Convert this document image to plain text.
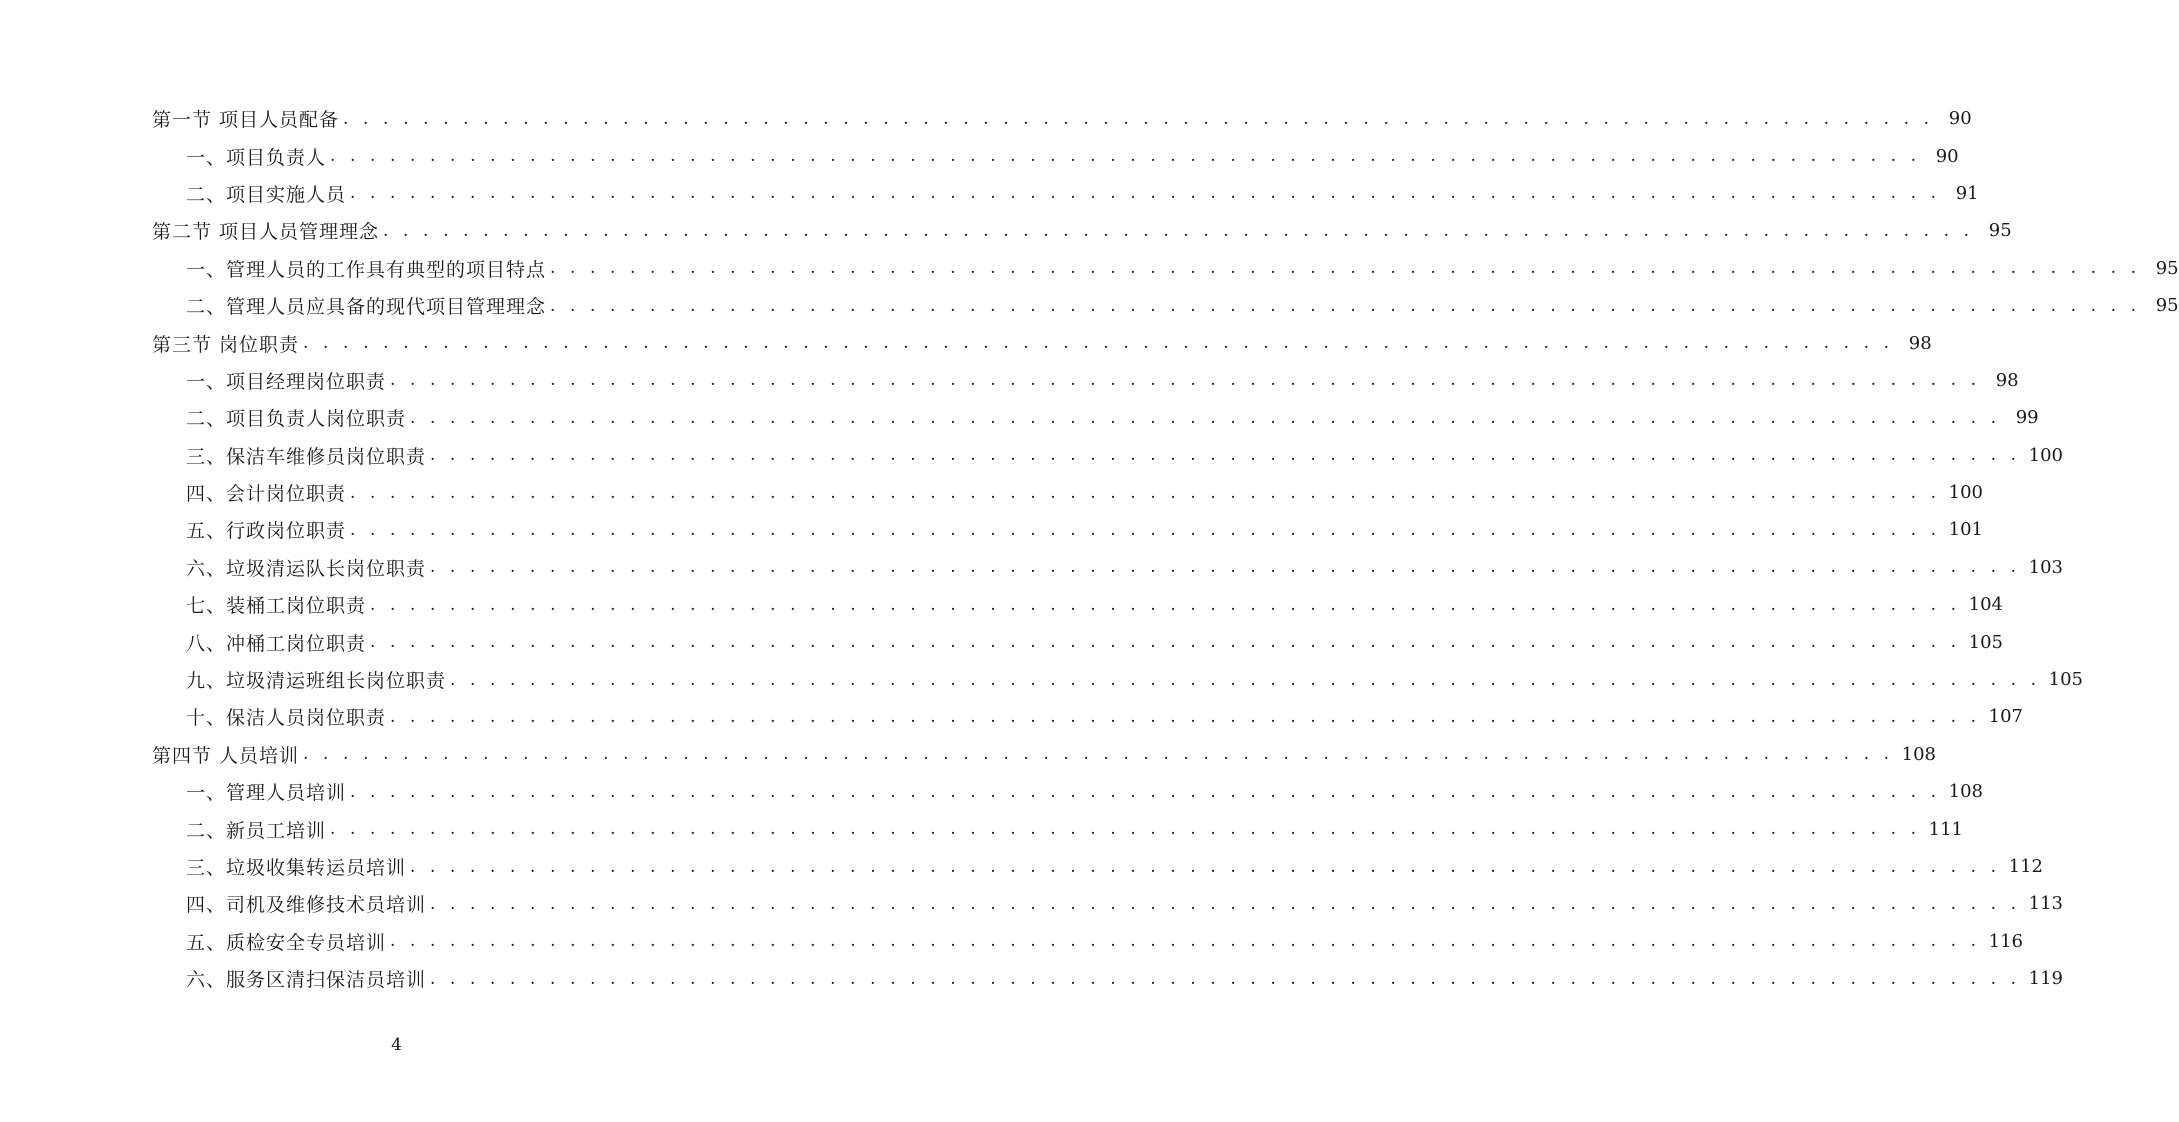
第一节 项目人员配备 . . . . . . . . . . . . . . . . . . . . . . . . . . . . . . . . . . . . . . . . . . . . . . . . . . . . . . . . . . . . . . . . . . . . . . . . . . . . . . . . 90
一、项目负责人 . . . . . . . . . . . . . . . . . . . . . . . . . . . . . . . . . . . . . . . . . . . . . . . . . . . . . . . . . . . . . . . . . . . . . . . . . . . . . . . . 90
二、项目实施人员 . . . . . . . . . . . . . . . . . . . . . . . . . . . . . . . . . . . . . . . . . . . . . . . . . . . . . . . . . . . . . . . . . . . . . . . . . . . . . . . . 91
第二节 项目人员管理理念 . . . . . . . . . . . . . . . . . . . . . . . . . . . . . . . . . . . . . . . . . . . . . . . . . . . . . . . . . . . . . . . . . . . . . . . . . . . . . . . . 95
一、管理人员的工作具有典型的项目特点 . . . . . . . . . . . . . . . . . . . . . . . . . . . . . . . . . . . . . . . . . . . . . . . . . . . . . . . . . . . . . . . . . . . . . . . . . . . . . . . . 95
二、管理人员应具备的现代项目管理理念 . . . . . . . . . . . . . . . . . . . . . . . . . . . . . . . . . . . . . . . . . . . . . . . . . . . . . . . . . . . . . . . . . . . . . . . . . . . . . . . . 95
第三节 岗位职责 . . . . . . . . . . . . . . . . . . . . . . . . . . . . . . . . . . . . . . . . . . . . . . . . . . . . . . . . . . . . . . . . . . . . . . . . . . . . . . . . 98
一、项目经理岗位职责 . . . . . . . . . . . . . . . . . . . . . . . . . . . . . . . . . . . . . . . . . . . . . . . . . . . . . . . . . . . . . . . . . . . . . . . . . . . . . . . . 98
二、项目负责人岗位职责 . . . . . . . . . . . . . . . . . . . . . . . . . . . . . . . . . . . . . . . . . . . . . . . . . . . . . . . . . . . . . . . . . . . . . . . . . . . . . . . . 99
三、保洁车维修员岗位职责 . . . . . . . . . . . . . . . . . . . . . . . . . . . . . . . . . . . . . . . . . . . . . . . . . . . . . . . . . . . . . . . . . . . . . . . . . . . . . . . . 100
四、会计岗位职责 . . . . . . . . . . . . . . . . . . . . . . . . . . . . . . . . . . . . . . . . . . . . . . . . . . . . . . . . . . . . . . . . . . . . . . . . . . . . . . . . 100
五、行政岗位职责 . . . . . . . . . . . . . . . . . . . . . . . . . . . . . . . . . . . . . . . . . . . . . . . . . . . . . . . . . . . . . . . . . . . . . . . . . . . . . . . . 101
六、垃圾清运队长岗位职责 . . . . . . . . . . . . . . . . . . . . . . . . . . . . . . . . . . . . . . . . . . . . . . . . . . . . . . . . . . . . . . . . . . . . . . . . . . . . . . . . 103
七、装桶工岗位职责 . . . . . . . . . . . . . . . . . . . . . . . . . . . . . . . . . . . . . . . . . . . . . . . . . . . . . . . . . . . . . . . . . . . . . . . . . . . . . . . . 104
八、冲桶工岗位职责 . . . . . . . . . . . . . . . . . . . . . . . . . . . . . . . . . . . . . . . . . . . . . . . . . . . . . . . . . . . . . . . . . . . . . . . . . . . . . . . . 105
九、垃圾清运班组长岗位职责 . . . . . . . . . . . . . . . . . . . . . . . . . . . . . . . . . . . . . . . . . . . . . . . . . . . . . . . . . . . . . . . . . . . . . . . . . . . . . . . . 105
十、保洁人员岗位职责 . . . . . . . . . . . . . . . . . . . . . . . . . . . . . . . . . . . . . . . . . . . . . . . . . . . . . . . . . . . . . . . . . . . . . . . . . . . . . . . . 107
第四节 人员培训 . . . . . . . . . . . . . . . . . . . . . . . . . . . . . . . . . . . . . . . . . . . . . . . . . . . . . . . . . . . . . . . . . . . . . . . . . . . . . . . . 108
一、管理人员培训 . . . . . . . . . . . . . . . . . . . . . . . . . . . . . . . . . . . . . . . . . . . . . . . . . . . . . . . . . . . . . . . . . . . . . . . . . . . . . . . . 108
二、新员工培训 . . . . . . . . . . . . . . . . . . . . . . . . . . . . . . . . . . . . . . . . . . . . . . . . . . . . . . . . . . . . . . . . . . . . . . . . . . . . . . . . 111
三、垃圾收集转运员培训 . . . . . . . . . . . . . . . . . . . . . . . . . . . . . . . . . . . . . . . . . . . . . . . . . . . . . . . . . . . . . . . . . . . . . . . . . . . . . . . . 112
四、司机及维修技术员培训 . . . . . . . . . . . . . . . . . . . . . . . . . . . . . . . . . . . . . . . . . . . . . . . . . . . . . . . . . . . . . . . . . . . . . . . . . . . . . . . . 113
五、质检安全专员培训 . . . . . . . . . . . . . . . . . . . . . . . . . . . . . . . . . . . . . . . . . . . . . . . . . . . . . . . . . . . . . . . . . . . . . . . . . . . . . . . . 116
六、服务区清扫保洁员培训 . . . . . . . . . . . . . . . . . . . . . . . . . . . . . . . . . . . . . . . . . . . . . . . . . . . . . . . . . . . . . . . . . . . . . . . . . . . . . . . . 119
4
